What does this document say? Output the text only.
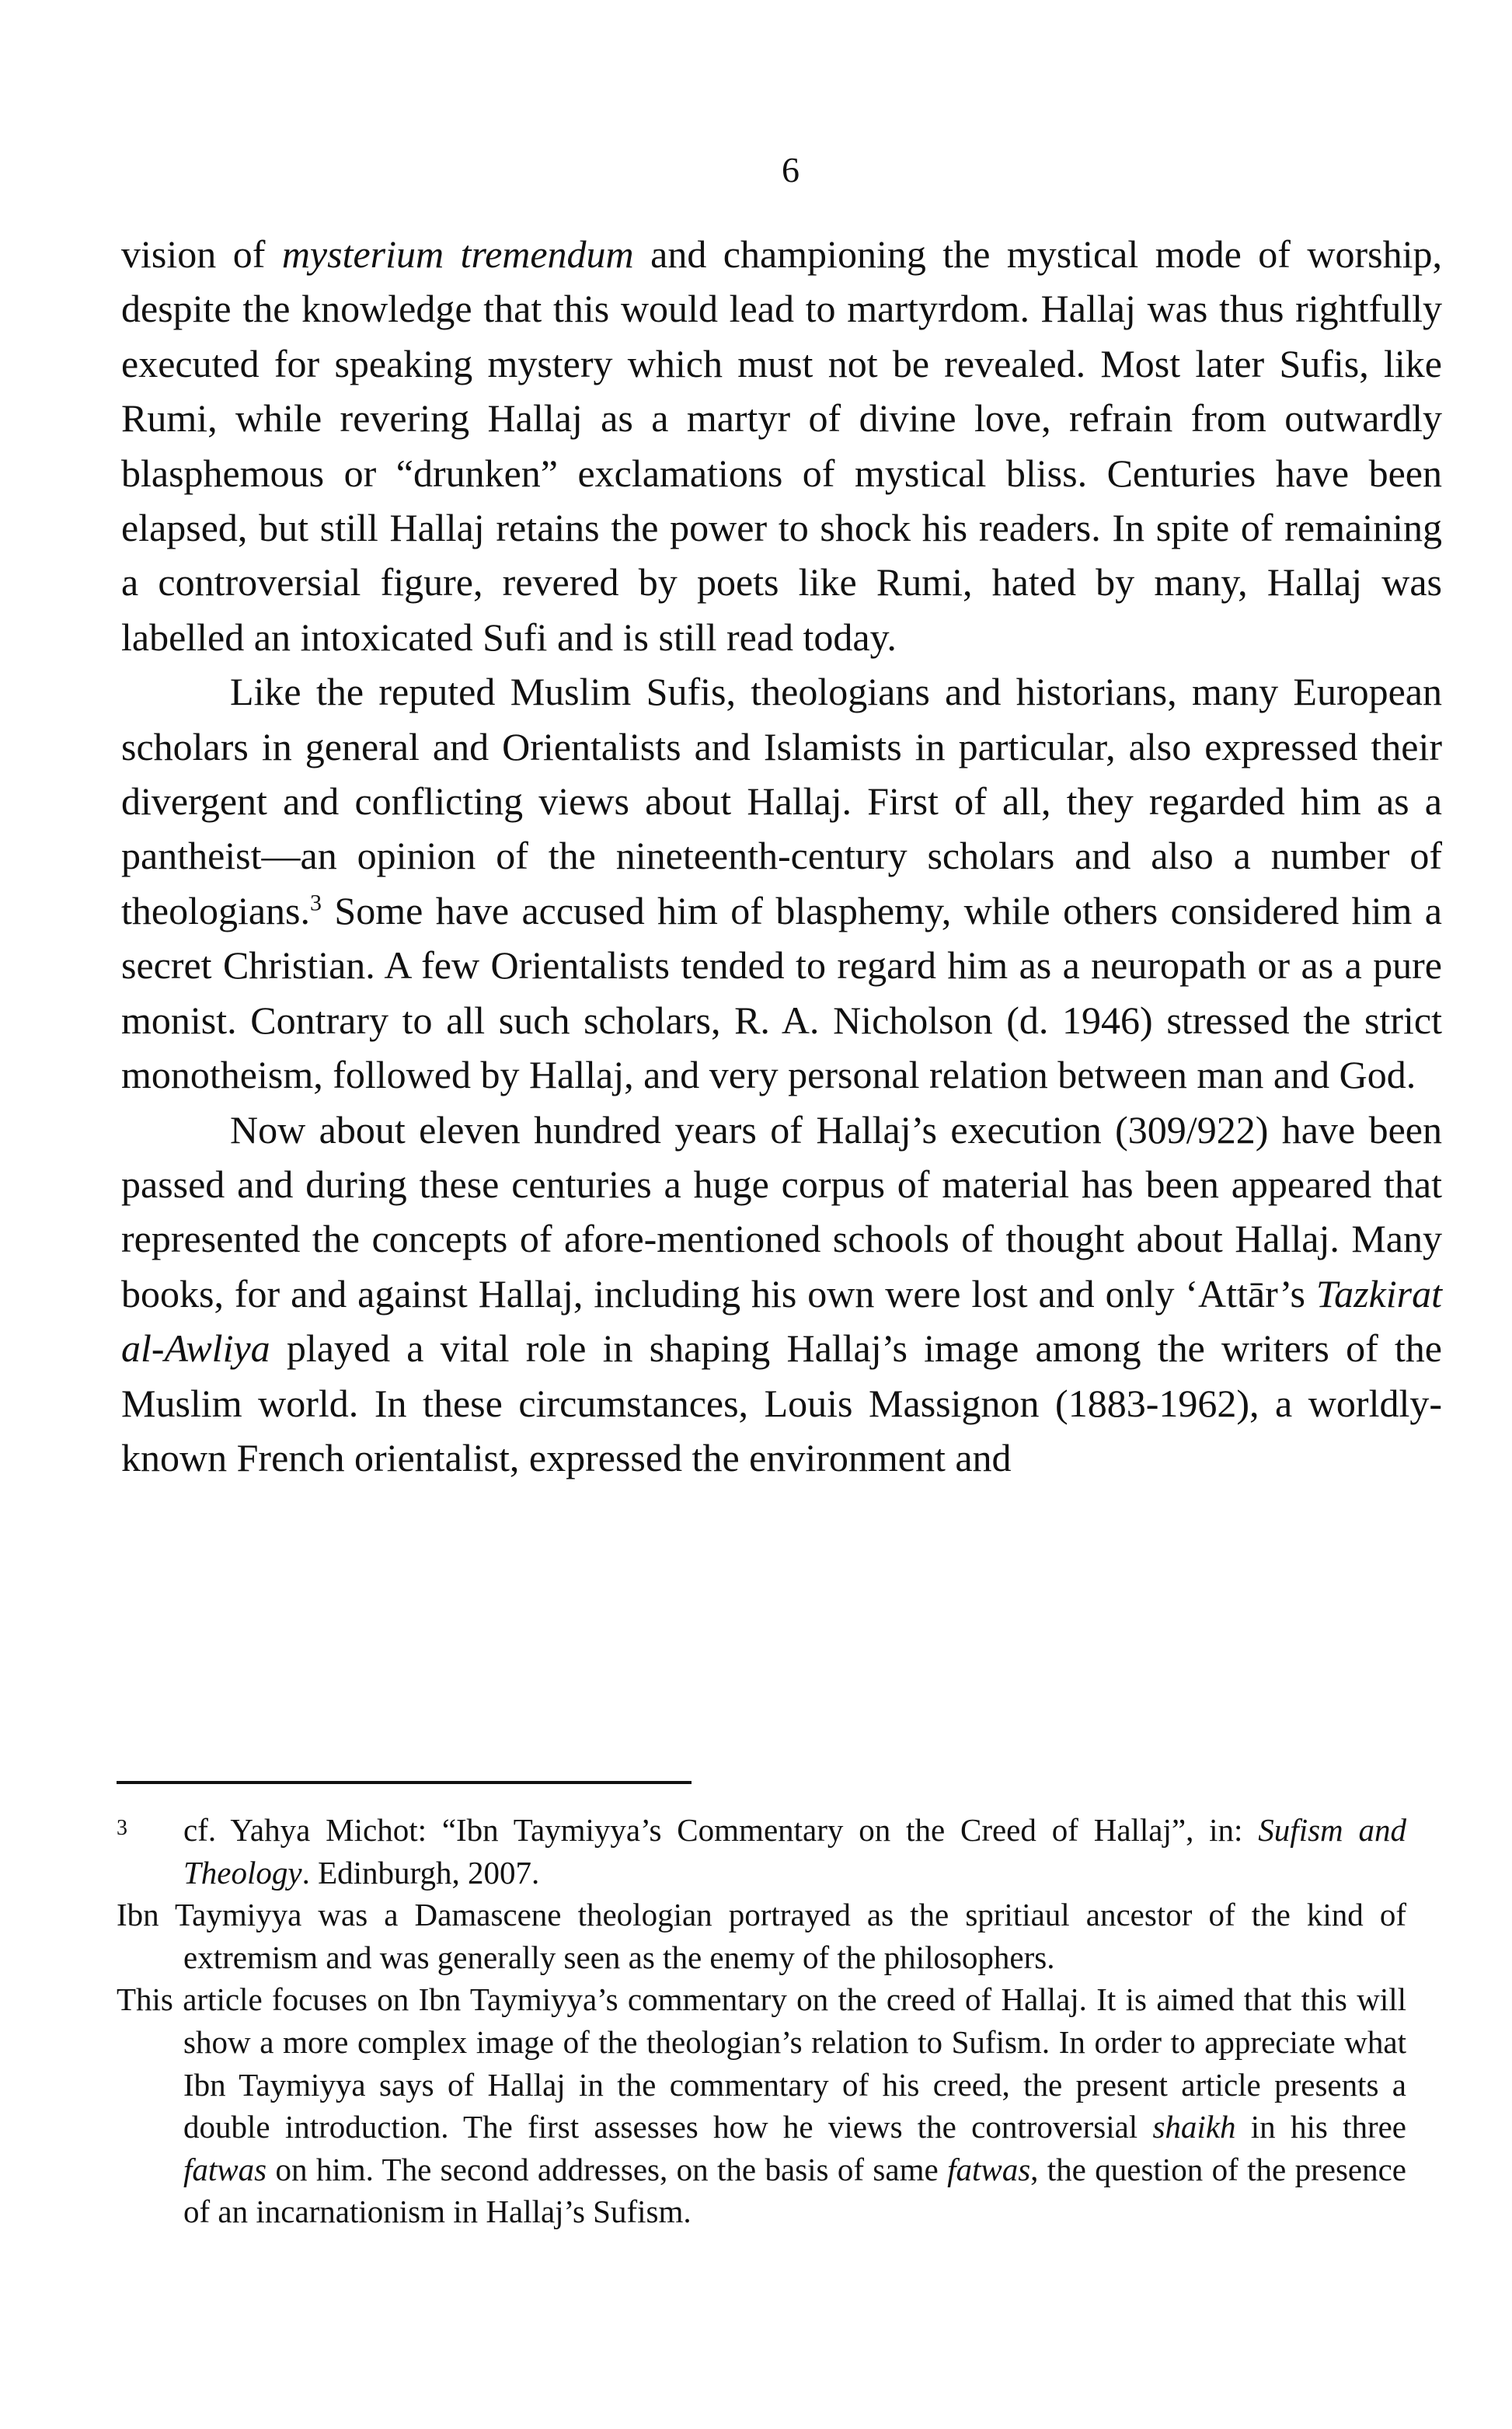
6

vision of mysterium tremendum and championing the mystical mode of worship, despite the knowledge that this would lead to martyrdom. Hallaj was thus rightfully executed for speaking mystery which must not be revealed. Most later Sufis, like Rumi, while revering Hallaj as a martyr of divine love, refrain from outwardly blasphemous or “drunken” exclamations of mystical bliss. Centuries have been elapsed, but still Hallaj retains the power to shock his readers. In spite of remaining a controversial figure, revered by poets like Rumi, hated by many, Hallaj was labelled an intoxicated Sufi and is still read today.

Like the reputed Muslim Sufis, theologians and historians, many European scholars in general and Orientalists and Islamists in particular, also expressed their divergent and conflicting views about Hallaj. First of all, they regarded him as a pantheist—an opinion of the nineteenth-century scholars and also a number of theologians.$^3$ Some have accused him of blasphemy, while others considered him a secret Christian. A few Orientalists tended to regard him as a neuropath or as a pure monist. Contrary to all such scholars, R. A. Nicholson (d. 1946) stressed the strict monotheism, followed by Hallaj, and very personal relation between man and God.

Now about eleven hundred years of Hallaj’s execution (309/922) have been passed and during these centuries a huge corpus of material has been appeared that represented the concepts of afore-mentioned schools of thought about Hallaj. Many books, for and against Hallaj, including his own were lost and only ‘Attār’s Tazkirat al-Awliya played a vital role in shaping Hallaj’s image among the writers of the Muslim world. In these circumstances, Louis Massignon (1883-1962), a worldly-known French orientalist, expressed the environment and

3 cf. Yahya Michot: “Ibn Taymiyya’s Commentary on the Creed of Hallaj”, in: Sufism and Theology. Edinburgh, 2007.

Ibn Taymiyya was a Damascene theologian portrayed as the spritiaul ancestor of the kind of extremism and was generally seen as the enemy of the philosophers.

This article focuses on Ibn Taymiyya’s commentary on the creed of Hallaj. It is aimed that this will show a more complex image of the theologian’s relation to Sufism. In order to appreciate what Ibn Taymiyya says of Hallaj in the commentary of his creed, the present article presents a double introduction. The first assesses how he views the controversial shaikh in his three fatwas on him. The second addresses, on the basis of same fatwas, the question of the presence of an incarnationism in Hallaj’s Sufism.
